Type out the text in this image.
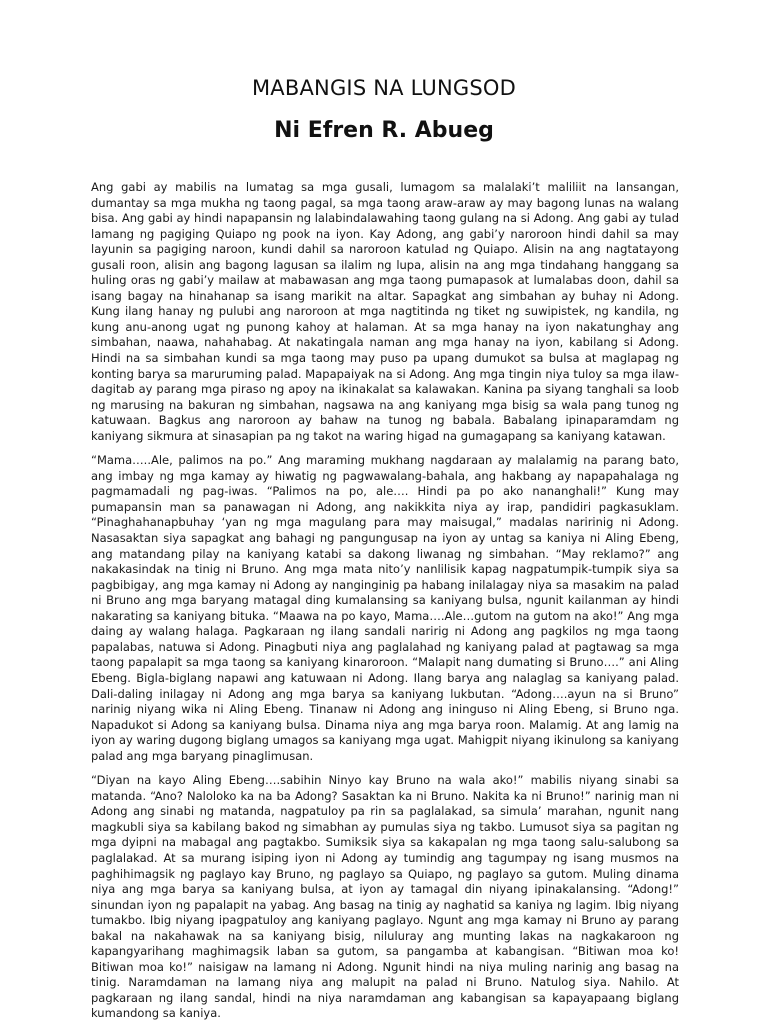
MABANGIS NA LUNGSOD
Ni Efren R. Abueg

Ang gabi ay mabilis na lumatag sa mga gusali, lumagom sa malalaki’t maliliit na lansangan, dumantay sa mga mukha ng taong pagal, sa mga taong araw-araw ay may bagong lunas na walang bisa. Ang gabi ay hindi napapansin ng lalabindalawahing taong gulang na si Adong. Ang gabi ay tulad lamang ng pagiging Quiapo ng pook na iyon. Kay Adong, ang gabi’y naroroon hindi dahil sa may layunin sa pagiging naroon, kundi dahil sa naroroon katulad ng Quiapo. Alisin na ang nagtatayong gusali roon, alisin ang bagong lagusan sa ilalim ng lupa, alisin na ang mga tindahang hanggang sa huling oras ng gabi’y mailaw at mabawasan ang mga taong pumapasok at lumalabas doon, dahil sa isang bagay na hinahanap sa isang marikit na altar. Sapagkat ang simbahan ay buhay ni Adong. Kung ilang hanay ng pulubi ang naroroon at mga nagtitinda ng tiket ng suwipistek, ng kandila, ng kung anu-anong ugat ng punong kahoy at halaman. At sa mga hanay na iyon nakatunghay ang simbahan, naawa, nahahabag. At nakatingala naman ang mga hanay na iyon, kabilang si Adong. Hindi na sa simbahan kundi sa mga taong may puso pa upang dumukot sa bulsa at maglapag ng konting barya sa maruruming palad. Mapapaiyak na si Adong. Ang mga tingin niya tuloy sa mga ilaw-dagitab ay parang mga piraso ng apoy na ikinakalat sa kalawakan. Kanina pa siyang tanghali sa loob ng marusing na bakuran ng simbahan, nagsawa na ang kaniyang mga bisig sa wala pang tunog ng katuwaan. Bagkus ang naroroon ay bahaw na tunog ng babala. Babalang ipinaparamdam ng kaniyang sikmura at sinasapian pa ng takot na waring higad na gumagapang sa kaniyang katawan.

“Mama…..Ale, palimos na po.” Ang maraming mukhang nagdaraan ay malalamig na parang bato, ang imbay ng mga kamay ay hiwatig ng pagwawalang-bahala, ang hakbang ay napapahalaga ng pagmamadali ng pag-iwas. “Palimos na po, ale…. Hindi pa po ako nananghali!” Kung may pumapansin man sa panawagan ni Adong, ang nakikkita niya ay irap, pandidiri pagkasuklam. “Pinaghahanapbuhay ‘yan ng mga magulang para may maisugal,” madalas naririnig ni Adong. Nasasaktan siya sapagkat ang bahagi ng pangungusap na iyon ay untag sa kaniya ni Aling Ebeng, ang matandang pilay na kaniyang katabi sa dakong liwanag ng simbahan. “May reklamo?” ang nakakasindak na tinig ni Bruno. Ang mga mata nito’y nanlilisik kapag nagpatumpik-tumpik siya sa pagbibigay, ang mga kamay ni Adong ay nanginginig pa habang inilalagay niya sa masakim na palad ni Bruno ang mga baryang matagal ding kumalansing sa kaniyang bulsa, ngunit kailanman ay hindi nakarating sa kaniyang bituka. “Maawa na po kayo, Mama….Ale…gutom na gutom na ako!” Ang mga daing ay walang halaga. Pagkaraan ng ilang sandali naririg ni Adong ang pagkilos ng mga taong papalabas, natuwa si Adong. Pinagbuti niya ang paglalahad ng kaniyang palad at pagtawag sa mga taong papalapit sa mga taong sa kaniyang kinaroroon. “Malapit nang dumating si Bruno….” ani Aling Ebeng. Bigla-biglang napawi ang katuwaan ni Adong. Ilang barya ang nalaglag sa kaniyang palad. Dali-daling inilagay ni Adong ang mga barya sa kaniyang lukbutan. “Adong….ayun na si Bruno” narinig niyang wika ni Aling Ebeng. Tinanaw ni Adong ang ininguso ni Aling Ebeng, si Bruno nga. Napadukot si Adong sa kaniyang bulsa. Dinama niya ang mga barya roon. Malamig. At ang lamig na iyon ay waring dugong biglang umagos sa kaniyang mga ugat. Mahigpit niyang ikinulong sa kaniyang palad ang mga baryang pinaglimusan.

“Diyan na kayo Aling Ebeng….sabihin Ninyo kay Bruno na wala ako!” mabilis niyang sinabi sa matanda. “Ano? Naloloko ka na ba Adong? Sasaktan ka ni Bruno. Nakita ka ni Bruno!” narinig man ni Adong ang sinabi ng matanda, nagpatuloy pa rin sa paglalakad, sa simula’ marahan, ngunit nang magkubli siya sa kabilang bakod ng simabhan ay pumulas siya ng takbo. Lumusot siya sa pagitan ng mga dyipni na mabagal ang pagtakbo. Sumiksik siya sa kakapalan ng mga taong salu-salubong sa paglalakad. At sa murang isiping iyon ni Adong ay tumindig ang tagumpay ng isang musmos na paghihimagsik ng paglayo kay Bruno, ng paglayo sa Quiapo, ng paglayo sa gutom. Muling dinama niya ang mga barya sa kaniyang bulsa, at iyon ay tamagal din niyang ipinakalansing. “Adong!” sinundan iyon ng papalapit na yabag. Ang basag na tinig ay naghatid sa kaniya ng lagim. Ibig niyang tumakbo. Ibig niyang ipagpatuloy ang kaniyang paglayo. Ngunt ang mga kamay ni Bruno ay parang bakal na nakahawak na sa kaniyang bisig, niluluray ang munting lakas na nagkakaroon ng kapangyarihang maghimagsik laban sa gutom, sa pangamba at kabangisan. “Bitiwan moa ko! Bitiwan moa ko!” naisigaw na lamang ni Adong. Ngunit hindi na niya muling narinig ang basag na tinig. Naramdaman na lamang niya ang malupit na palad ni Bruno. Natulog siya. Nahilo. At pagkaraan ng ilang sandal, hindi na niya naramdaman ang kabangisan sa kapayapaang biglang kumandong sa kaniya.
